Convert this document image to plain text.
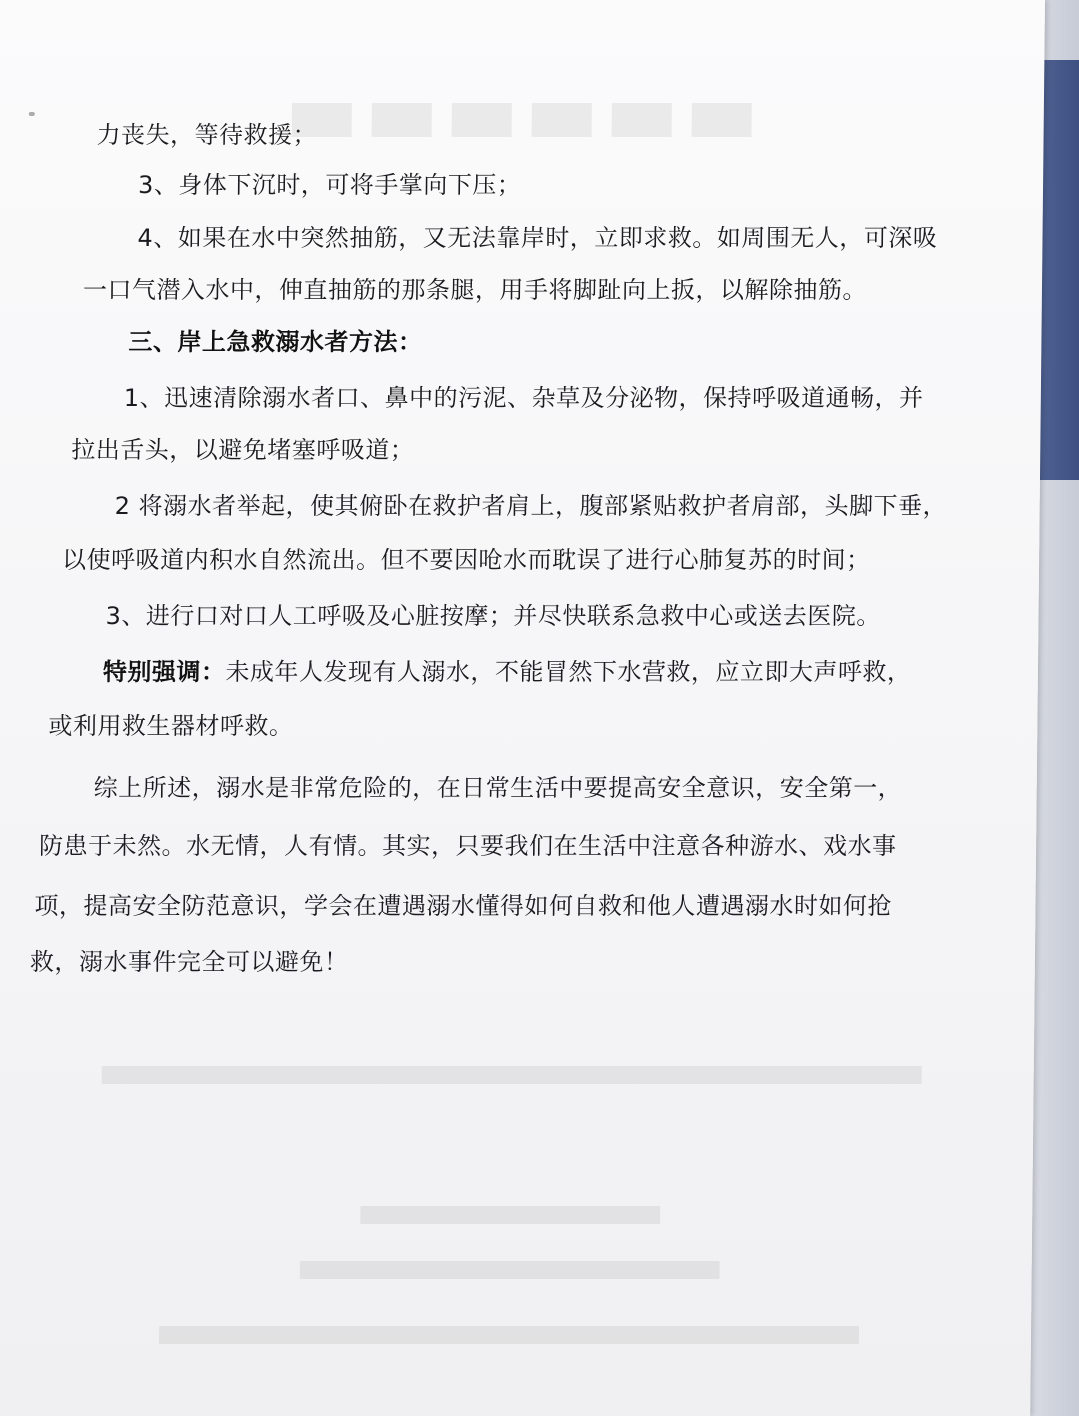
力丧失，等待救援；
3、身体下沉时，可将手掌向下压；
4、如果在水中突然抽筋，又无法靠岸时，立即求救。如周围无人，可深吸
一口气潜入水中，伸直抽筋的那条腿，用手将脚趾向上扳，以解除抽筋。
三、岸上急救溺水者方法：
1、迅速清除溺水者口、鼻中的污泥、杂草及分泌物，保持呼吸道通畅，并
拉出舌头，以避免堵塞呼吸道；
2 将溺水者举起，使其俯卧在救护者肩上，腹部紧贴救护者肩部，头脚下垂，
以使呼吸道内积水自然流出。但不要因呛水而耽误了进行心肺复苏的时间；
3、进行口对口人工呼吸及心脏按摩；并尽快联系急救中心或送去医院。
特别强调：未成年人发现有人溺水，不能冒然下水营救，应立即大声呼救，
或利用救生器材呼救。
综上所述，溺水是非常危险的，在日常生活中要提高安全意识，安全第一，
防患于未然。水无情，人有情。其实，只要我们在生活中注意各种游水、戏水事
项，提高安全防范意识，学会在遭遇溺水懂得如何自救和他人遭遇溺水时如何抢
救，溺水事件完全可以避免！
